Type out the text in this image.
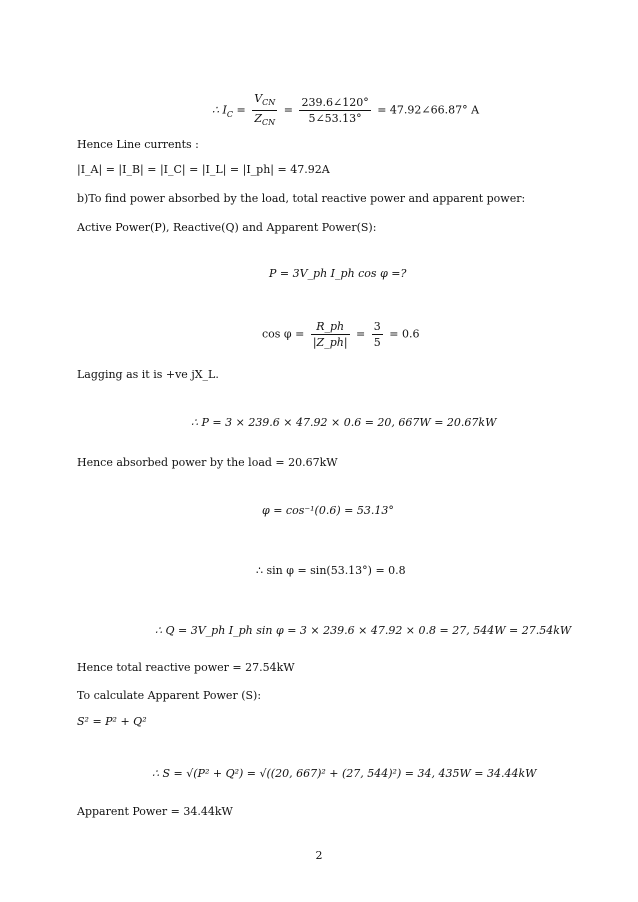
∴ $I_C = \frac{V_{CN}}{Z_{CN}} = \frac{239.6\angle 120^\circ}{5\angle 53.13^\circ}$ = 47.92∠66.87° A
Hence Line currents :
|I_A| = |I_B| = |I_C| = |I_L| = |I_ph| = 47.92A
b)To find power absorbed by the load, total reactive power and apparent power:
Active Power(P), Reactive(Q) and Apparent Power(S):
P = 3V_ph I_ph cos φ =?
$\cos \varphi = \frac{R\_ph}{|Z\_ph|} = \frac{3}{5} = 0.6$
Lagging as it is +ve jX_L.
∴ P = 3 × 239.6 × 47.92 × 0.6 = 20, 667W = 20.67kW
Hence absorbed power by the load = 20.67kW
φ = cos⁻¹(0.6) = 53.13°
∴ sin φ = sin(53.13°) = 0.8
∴ Q = 3V_ph I_ph sin φ = 3 × 239.6 × 47.92 × 0.8 = 27, 544W = 27.54kW
Hence total reactive power = 27.54kW
To calculate Apparent Power (S):
S² = P² + Q²
∴ S = √(P² + Q²) = √((20, 667)² + (27, 544)²) = 34, 435W = 34.44kW
Apparent Power = 34.44kW
2
